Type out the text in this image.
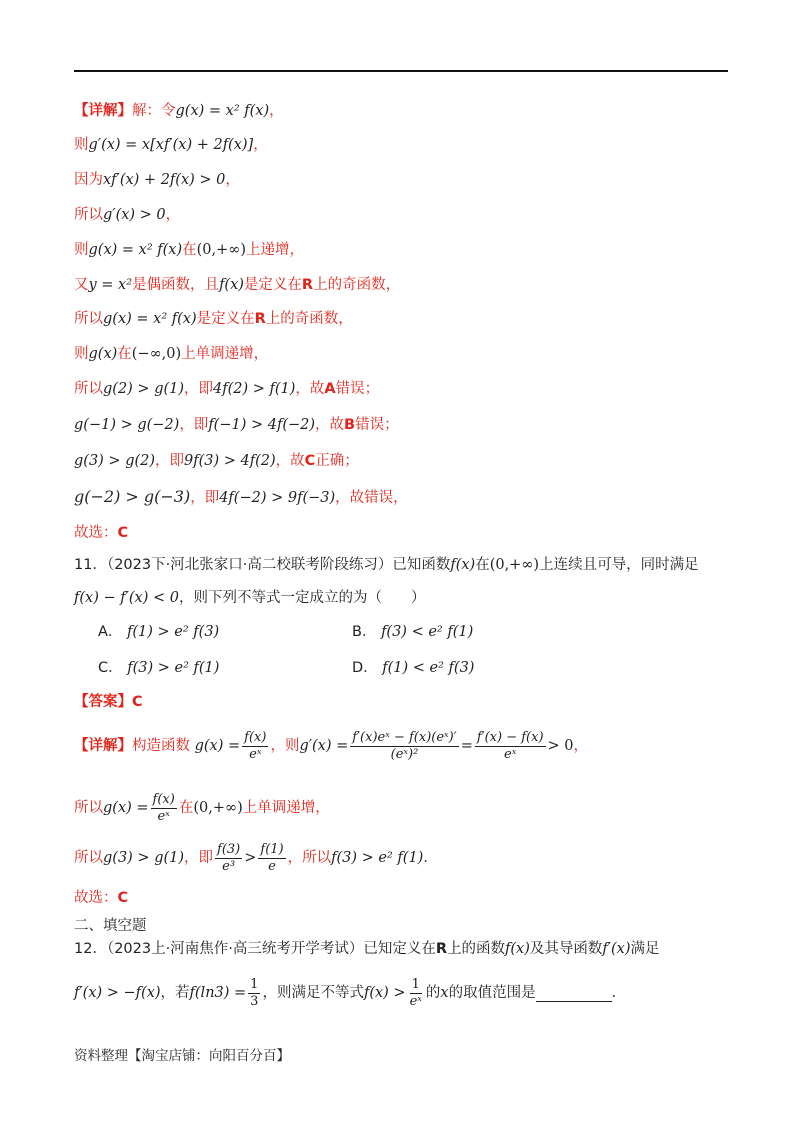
【详解】解：令g(x) = x² f(x)，
则g′(x) = x[xf′(x) + 2f(x)]，
因为xf′(x) + 2f(x) > 0，
所以g′(x) > 0，
则g(x) = x² f(x)在(0,+∞)上递增，
又y = x²是偶函数，且f(x)是定义在R上的奇函数，
所以g(x) = x² f(x)是定义在R上的奇函数，
则g(x)在(−∞,0)上单调递增，
所以g(2) > g(1)，即4f(2) > f(1)，故A错误；
g(−1) > g(−2)，即f(−1) > 4f(−2)，故B错误；
g(3) > g(2)，即9f(3) > 4f(2)，故C正确；
g(−2) > g(−3)，即4f(−2) > 9f(−3)，故错误，
故选：C
11．（2023下·河北张家口·高二校联考阶段练习）已知函数f(x)在(0,+∞)上连续且可导，同时满足
f(x) − f′(x) < 0，则下列不等式一定成立的为（　　）
A． f(1) > e² f(3)	B． f(3) < e² f(1)
C． f(3) > e² f(1)	D． f(1) < e² f(3)
【答案】C
【详解】构造函数 $g(x) = \frac{f(x)}{\text{eˣ}}$ ，则$g'(x) = \frac{\text{f′(x)eˣ − f(x)(eˣ)′}}{\text{(eˣ)²}} = \frac{f'(x) - f(x)}{\text{eˣ}} > 0$，
所以$g(x) = \frac{f(x)}{\text{eˣ}}$ 在(0,+∞)上单调递增，
所以g(3) > g(1)，即 $\frac{f(3)}{\text{e³}} > \frac{f(1)}{e}$ ，所以f(3) > e² f(1)．
故选：C
二、填空题
12．（2023上·河南焦作·高三统考开学考试）已知定义在R上的函数f(x)及其导函数f′(x)满足
f′(x) > −f(x)，若$f(\ln 3) = \frac{1}{3}$ ，则满足不等式$f(x) > \frac{1}{\text{eˣ}}$ 的x的取值范围是	．
资料整理【淘宝店铺：向阳百分百】
